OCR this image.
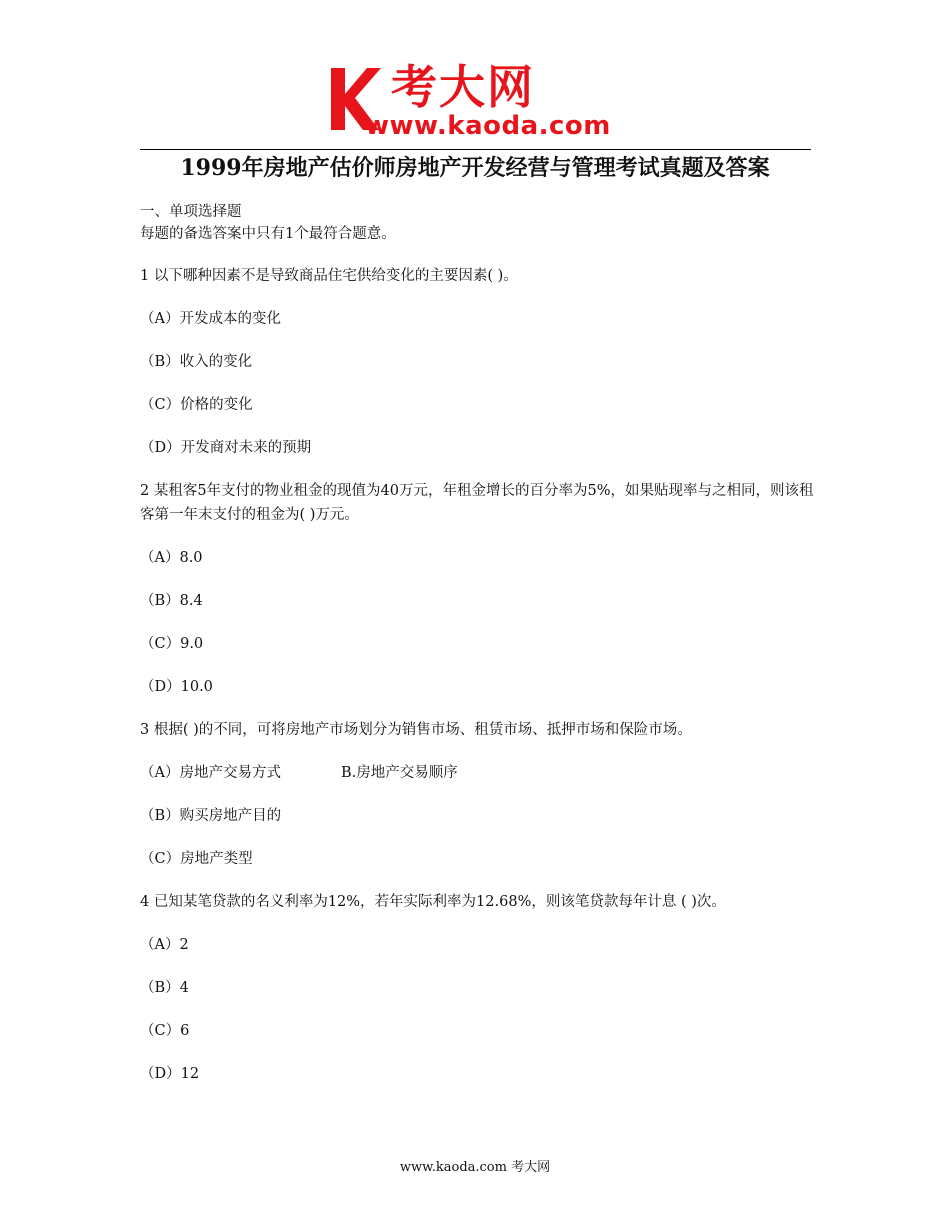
考大网
www.kaoda.com
1999年房地产估价师房地产开发经营与管理考试真题及答案
一、单项选择题
每题的备选答案中只有1个最符合题意。
1 以下哪种因素不是导致商品住宅供给变化的主要因素( )。
（A）开发成本的变化
（B）收入的变化
（C）价格的变化
（D）开发商对未来的预期
2 某租客5年支付的物业租金的现值为40万元，年租金增长的百分率为5%，如果贴现率与之相同，则该租客第一年末支付的租金为( )万元。
（A）8.0
（B）8.4
（C）9.0
（D）10.0
3 根据( )的不同，可将房地产市场划分为销售市场、租赁市场、抵押市场和保险市场。
（A）房地产交易方式	B.房地产交易顺序
（B）购买房地产目的
（C）房地产类型
4 已知某笔贷款的名义利率为12%，若年实际利率为12.68%，则该笔贷款每年计息 ( )次。
（A）2
（B）4
（C）6
（D）12
www.kaoda.com 考大网
